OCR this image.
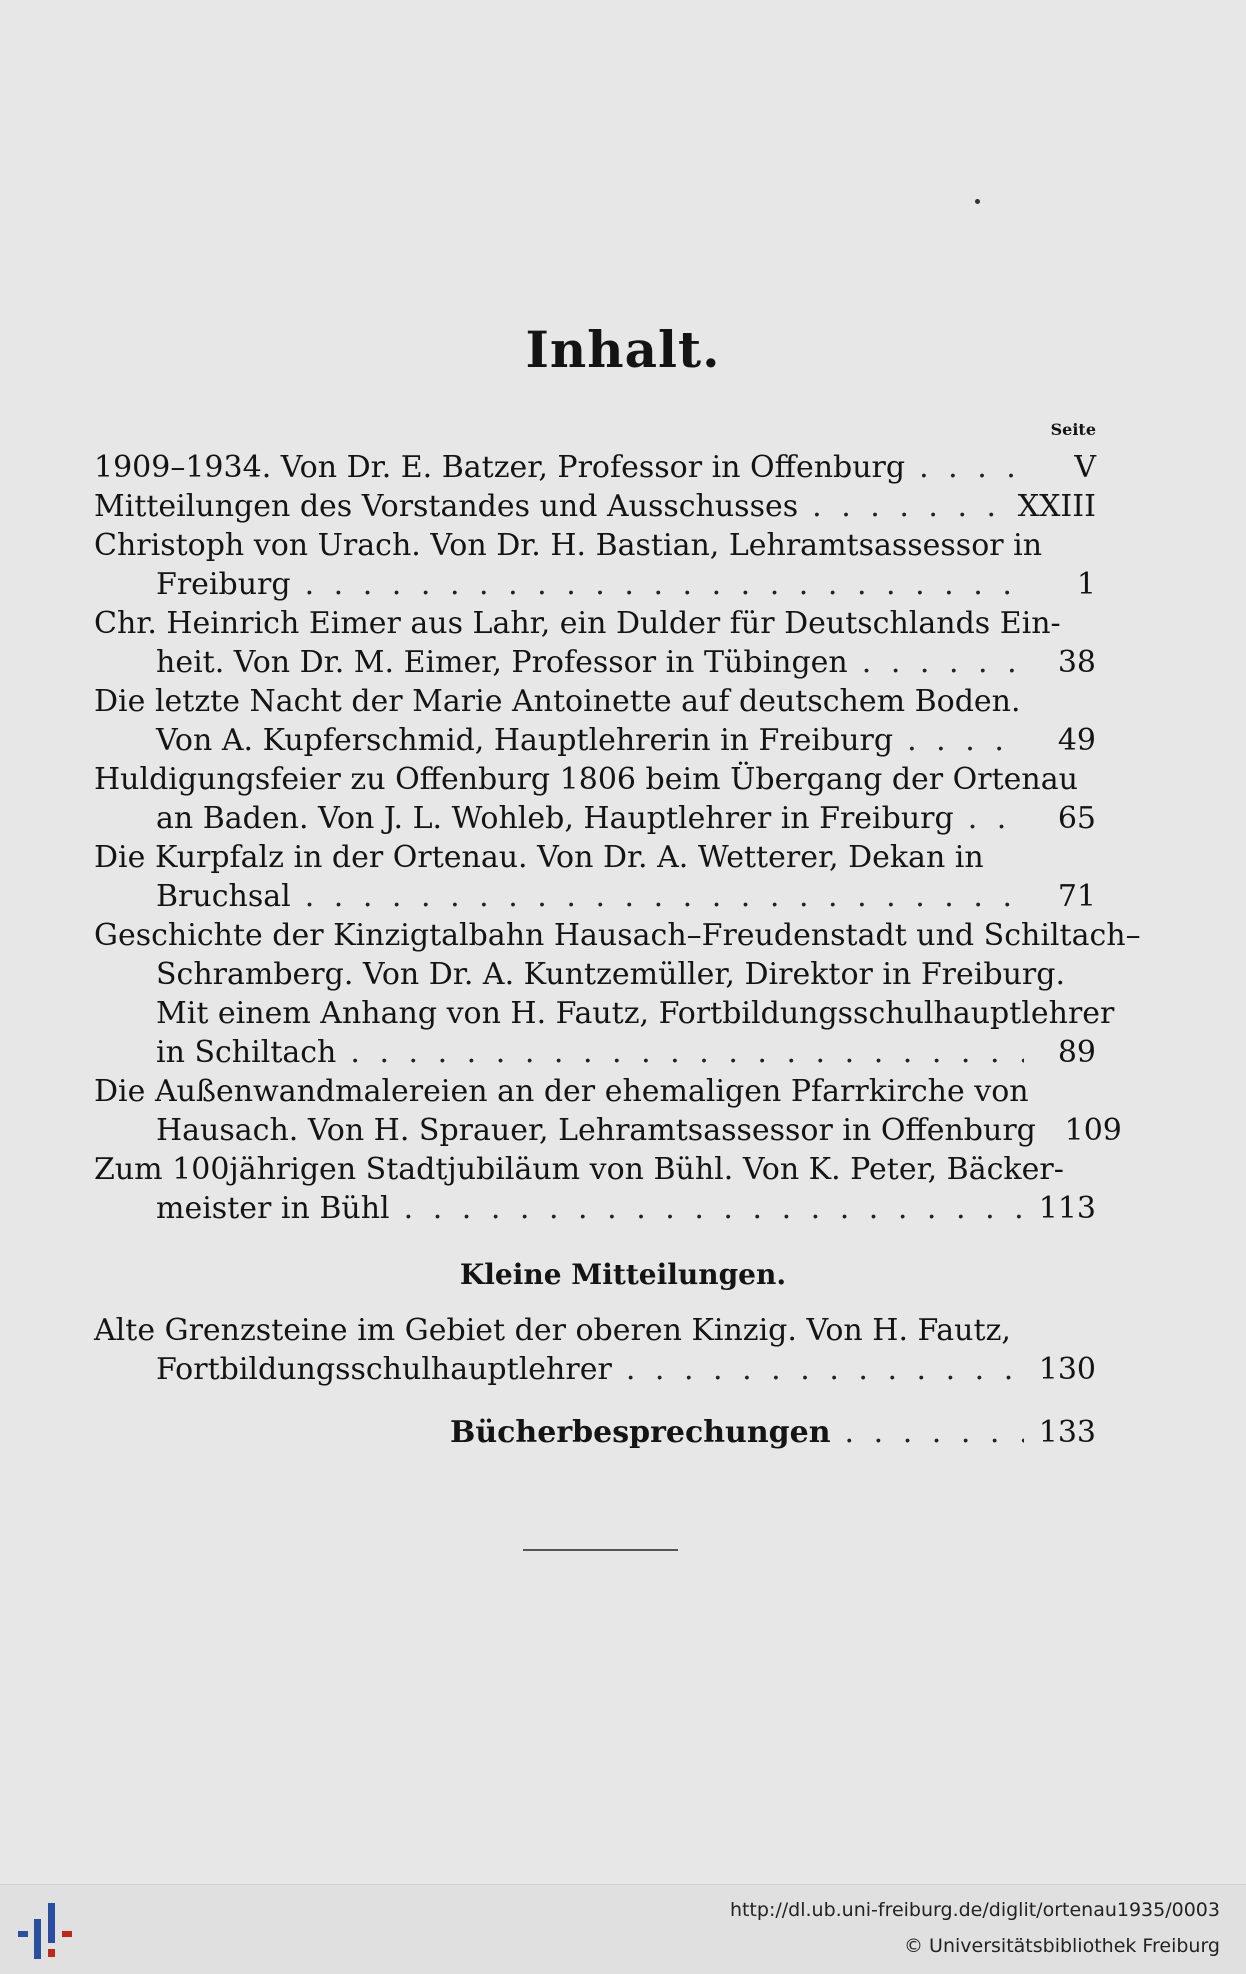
Inhalt.
Seite
1909–1934. Von Dr. E. Batzer, Professor in Offenburg . . .	V
Mitteilungen des Vorstandes und Ausschusses . . .	XXIII
Christoph von Urach. Von Dr. H. Bastian, Lehramtsassessor in
Freiburg . . .	1
Chr. Heinrich Eimer aus Lahr, ein Dulder für Deutschlands Ein-
heit. Von Dr. M. Eimer, Professor in Tübingen . . .	38
Die letzte Nacht der Marie Antoinette auf deutschem Boden.
Von A. Kupferschmid, Hauptlehrerin in Freiburg . . .	49
Huldigungsfeier zu Offenburg 1806 beim Übergang der Ortenau
an Baden. Von J. L. Wohleb, Hauptlehrer in Freiburg . . .	65
Die Kurpfalz in der Ortenau. Von Dr. A. Wetterer, Dekan in
Bruchsal . . .	71
Geschichte der Kinzigtalbahn Hausach–Freudenstadt und Schiltach–
Schramberg. Von Dr. A. Kuntzemüller, Direktor in Freiburg.
Mit einem Anhang von H. Fautz, Fortbildungsschulhauptlehrer
in Schiltach . . .	89
Die Außenwandmalereien an der ehemaligen Pfarrkirche von
Hausach. Von H. Sprauer, Lehramtsassessor in Offenburg 109
Zum 100jährigen Stadtjubiläum von Bühl. Von K. Peter, Bäcker-
meister in Bühl . . .	113
Kleine Mitteilungen.
Alte Grenzsteine im Gebiet der oberen Kinzig. Von H. Fautz,
Fortbildungsschulhauptlehrer . . .	130
Bücherbesprechungen . . .	133
http://dl.ub.uni-freiburg.de/diglit/ortenau1935/0003
© Universitätsbibliothek Freiburg
